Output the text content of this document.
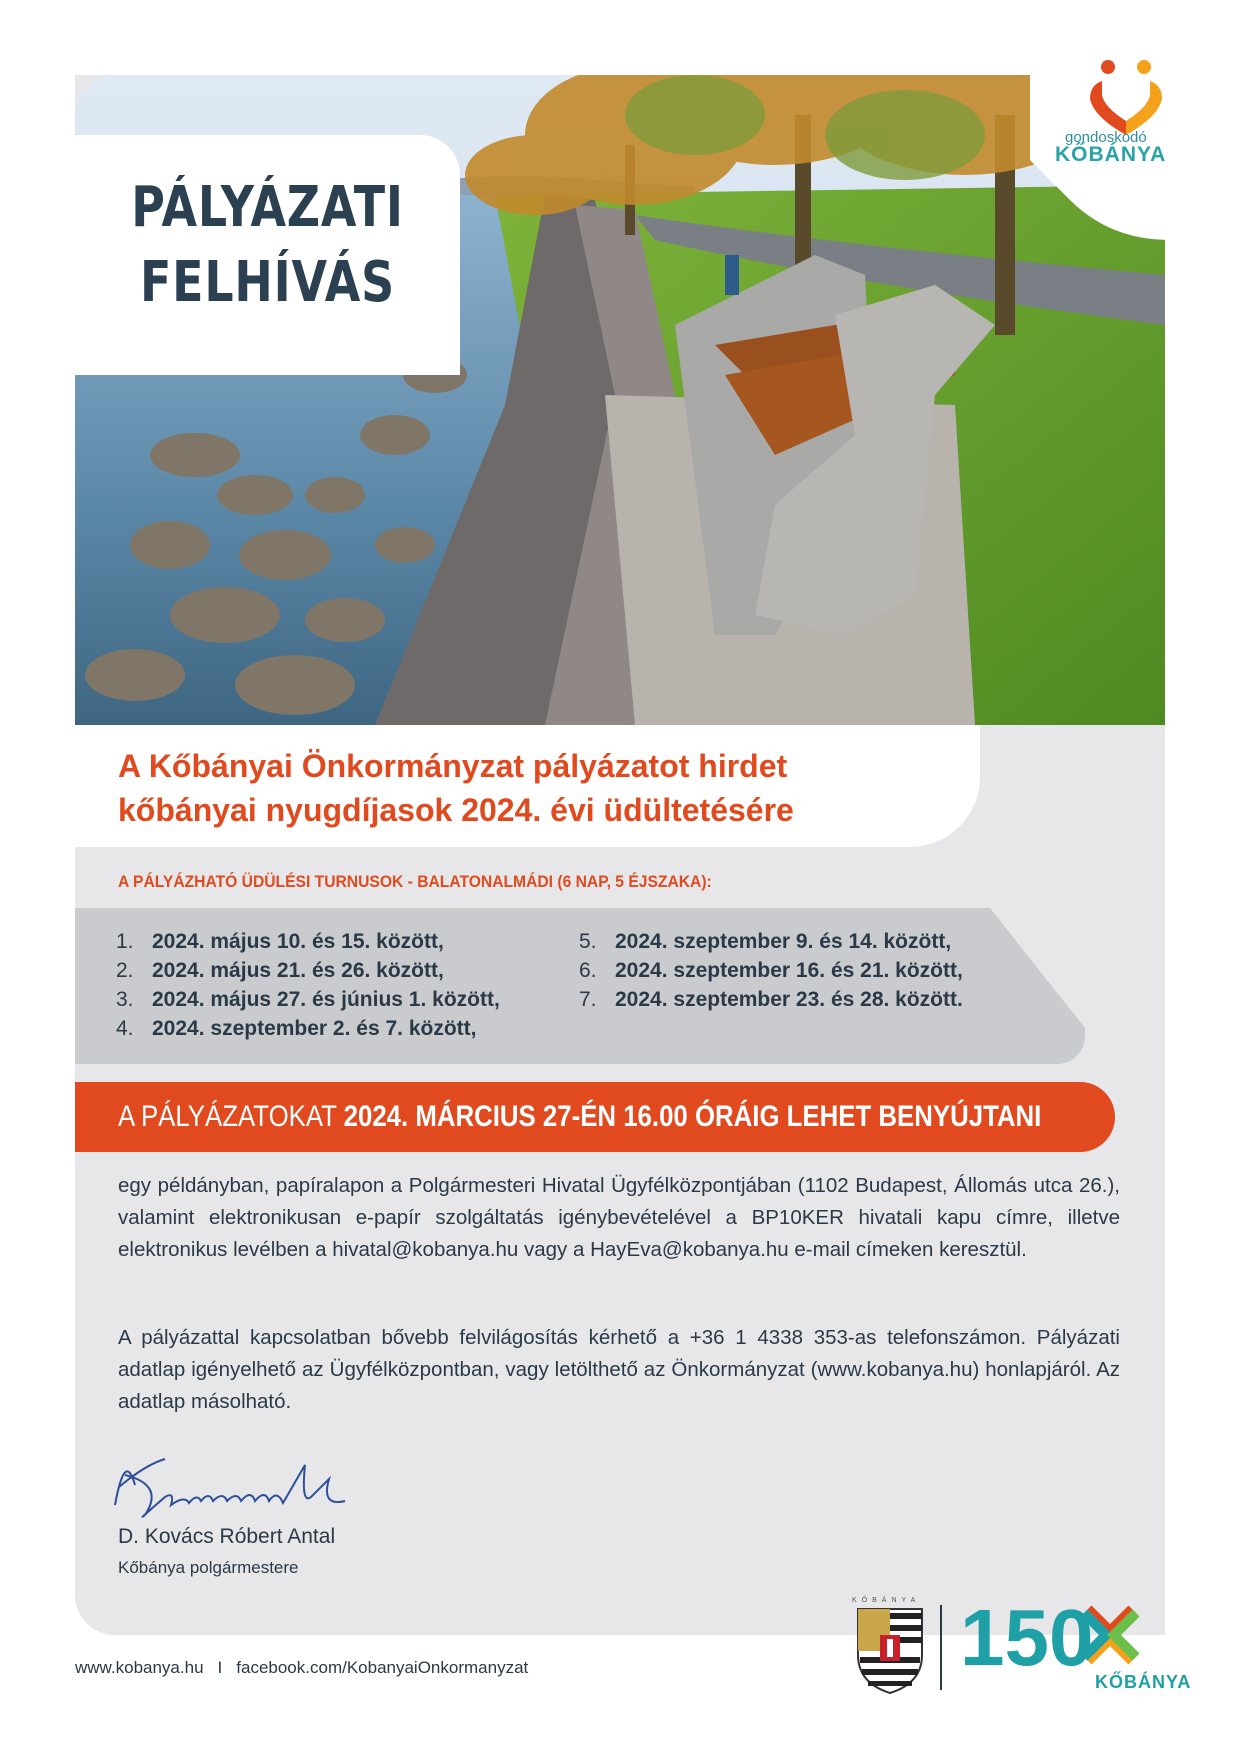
PÁLYÁZATI
FELHÍVÁS
gondoskodó
KŐBÁNYA
A Kőbányai Önkormányzat pályázatot hirdet
kőbányai nyugdíjasok 2024. évi üdültetésére
A PÁLYÁZHATÓ ÜDÜLÉSI TURNUSOK - BALATONALMÁDI (6 NAP, 5 ÉJSZAKA):
1. 2024. május 10. és 15. között,
2. 2024. május 21. és 26. között,
3. 2024. május 27. és június 1. között,
4. 2024. szeptember 2. és 7. között,
5. 2024. szeptember 9. és 14. között,
6. 2024. szeptember 16. és 21. között,
7. 2024. szeptember 23. és 28. között.
A PÁLYÁZATOKAT 2024. MÁRCIUS 27-ÉN 16.00 ÓRÁIG LEHET BENYÚJTANI
egy példányban, papíralapon a Polgármesteri Hivatal Ügyfélközpontjában (1102 Budapest, Állomás utca 26.), valamint elektronikusan e-papír szolgáltatás igénybevételével a BP10KER hivatali kapu címre, illetve elektronikus levélben a hivatal@kobanya.hu vagy a HayEva@kobanya.hu e-mail címeken keresztül.
A pályázattal kapcsolatban bővebb felvilágosítás kérhető a +36 1 4338 353-as telefonszámon. Pályázati adatlap igényelhető az Ügyfélközpontban, vagy letölthető az Önkormányzat (www.kobanya.hu) honlapjáról. Az adatlap másolható.
D. Kovács Róbert Antal
Kőbánya polgármestere
www.kobanya.hu I facebook.com/KobanyaiOnkormanyzat
KŐBÁNYA 150 KŐBÁNYA
